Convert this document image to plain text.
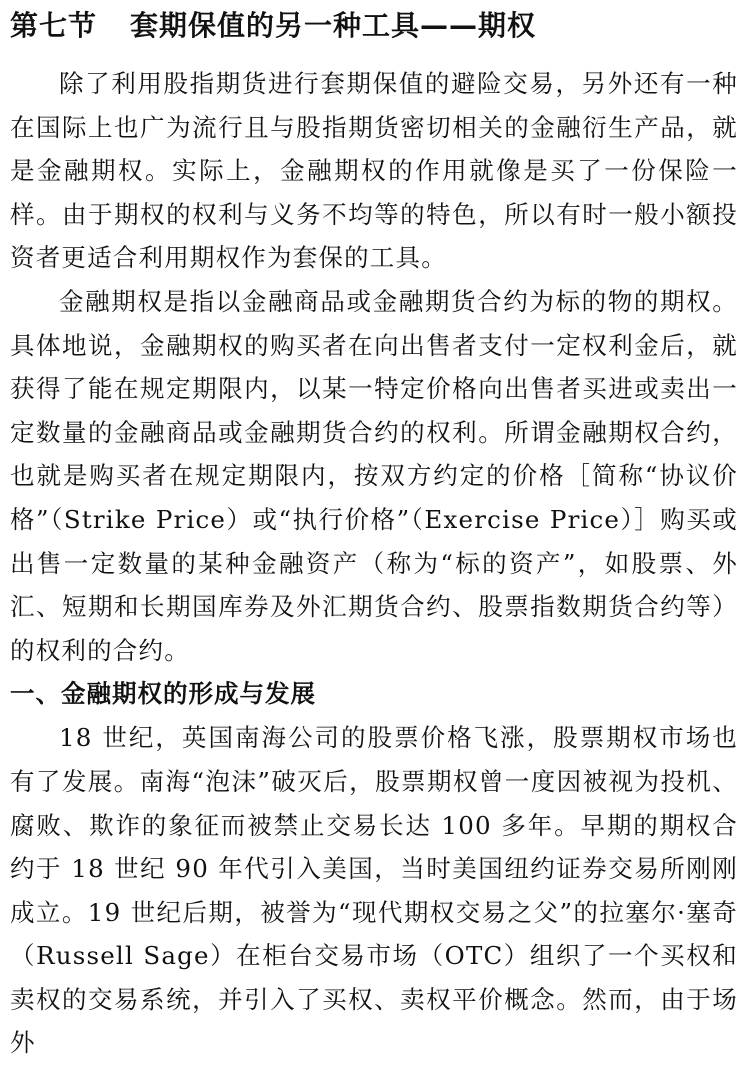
第七节 套期保值的另一种工具——期权

除了利用股指期货进行套期保值的避险交易，另外还有一种在国际上也广为流行且与股指期货密切相关的金融衍生产品，就是金融期权。实际上，金融期权的作用就像是买了一份保险一样。由于期权的权利与义务不均等的特色，所以有时一般小额投资者更适合利用期权作为套保的工具。

金融期权是指以金融商品或金融期货合约为标的物的期权。具体地说，金融期权的购买者在向出售者支付一定权利金后，就获得了能在规定期限内，以某一特定价格向出售者买进或卖出一定数量的金融商品或金融期货合约的权利。所谓金融期权合约，也就是购买者在规定期限内，按双方约定的价格［简称“协议价格”（Strike Price）或“执行价格”（Exercise Price）］购买或出售一定数量的某种金融资产（称为“标的资产”，如股票、外汇、短期和长期国库券及外汇期货合约、股票指数期货合约等）的权利的合约。

一、金融期权的形成与发展

18 世纪，英国南海公司的股票价格飞涨，股票期权市场也有了发展。南海“泡沫”破灭后，股票期权曾一度因被视为投机、腐败、欺诈的象征而被禁止交易长达 100 多年。早期的期权合约于 18 世纪 90 年代引入美国，当时美国纽约证券交易所刚刚成立。19 世纪后期，被誉为“现代期权交易之父”的拉塞尔·塞奇（Russell Sage）在柜台交易市场（OTC）组织了一个买权和卖权的交易系统，并引入了买权、卖权平价概念。然而，由于场外
